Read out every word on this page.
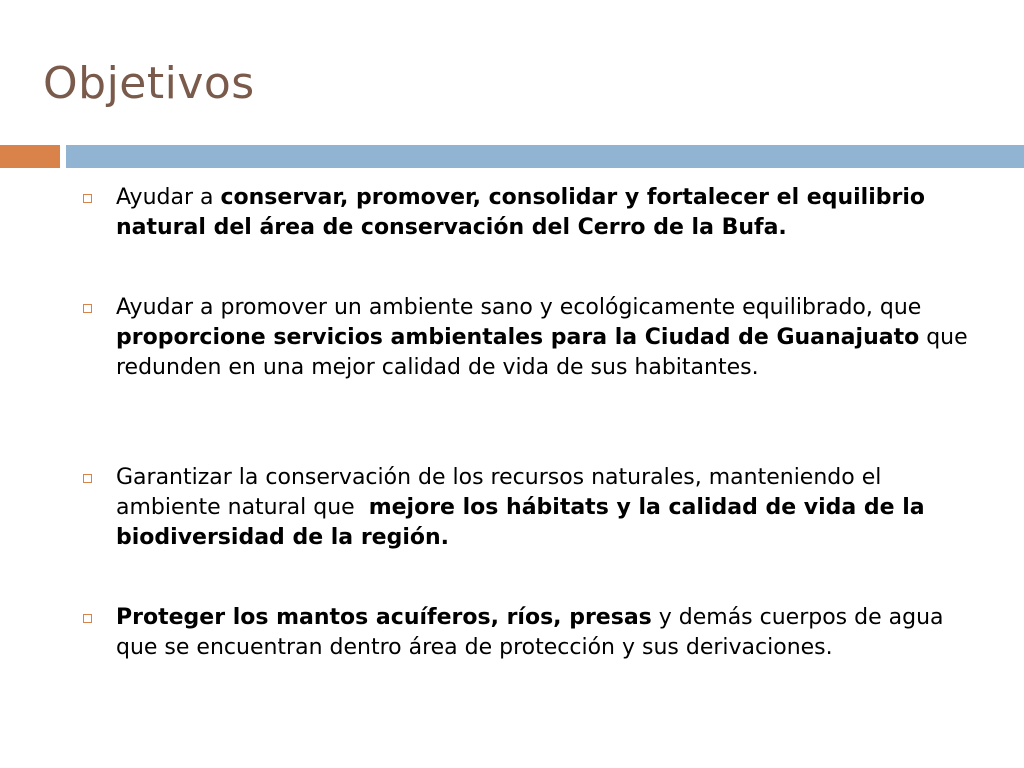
Objetivos
Ayudar a conservar, promover, consolidar y fortalecer el equilibrio natural del área de conservación del Cerro de la Bufa.
Ayudar a promover un ambiente sano y ecológicamente equilibrado, que proporcione servicios ambientales para la Ciudad de Guanajuato que redunden en una mejor calidad de vida de sus habitantes.
Garantizar la conservación de los recursos naturales, manteniendo el ambiente natural que  mejore los hábitats y la calidad de vida de la biodiversidad de la región.
Proteger los mantos acuíferos, ríos, presas y demás cuerpos de agua que se encuentran dentro área de protección y sus derivaciones.
